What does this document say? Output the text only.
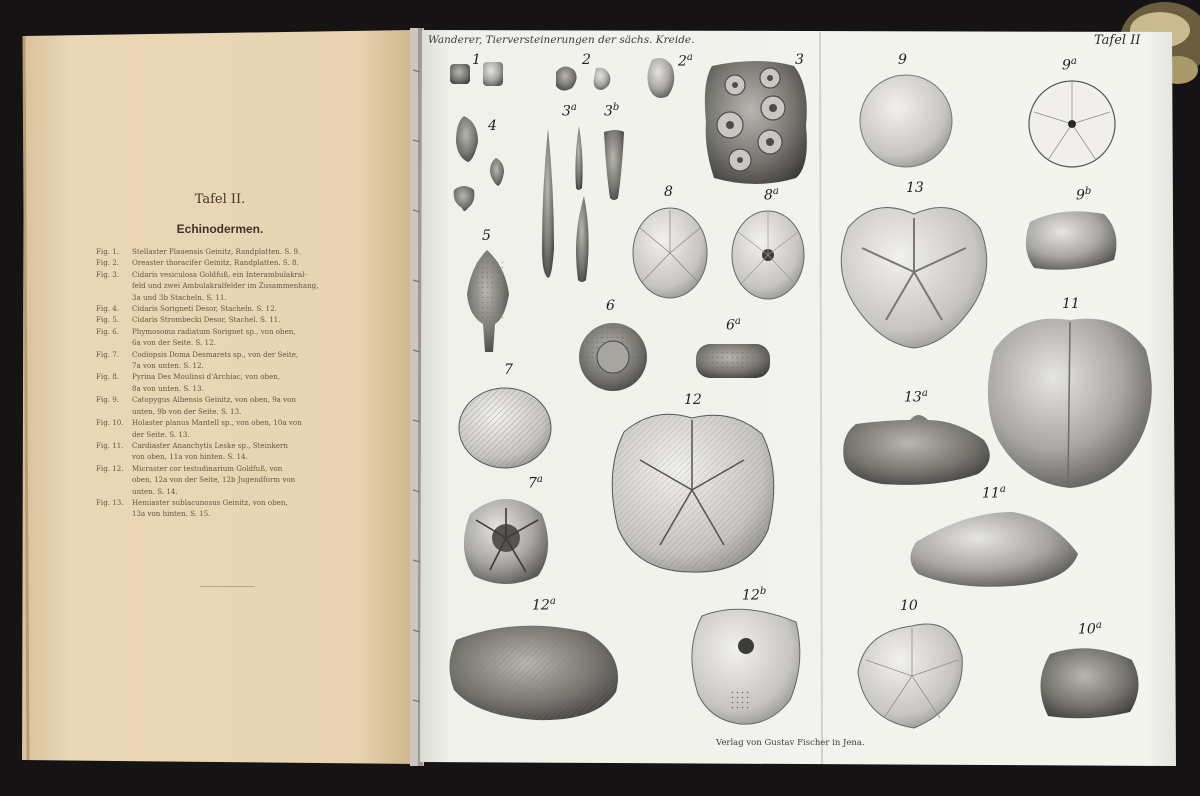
Tafel II.
Echinodermen.
Fig. 1.	Stellaster Plauensis Geinitz, Randplatten. S. 9.
Fig. 2.	Oreaster thoracifer Geinitz, Randplatten. S. 8.
Fig. 3.	Cidaris vesiculosa Goldfuß, ein Interambulakral-
feld und zwei Ambulakralfelder im Zusammenhang,
3a und 3b Stacheln. S. 11.
Fig. 4.	Cidaris Sorigneti Desor, Stacheln. S. 12.
Fig. 5.	Cidaris Strombecki Desor, Stachel. S. 11.
Fig. 6.	Phymosoma radiatum Sorignet sp., von oben,
6a von der Seite. S. 12.
Fig. 7.	Codiopsis Doma Desmarets sp., von der Seite,
7a von unten. S. 12.
Fig. 8.	Pyrina Des Moulinsi d'Archiac, von oben,
8a von unten. S. 13.
Fig. 9.	Catopygus Albensis Geinitz, von oben, 9a von
unten, 9b von der Seite. S. 13.
Fig. 10.	Holaster planus Mantell sp., von oben, 10a von
der Seite. S. 13.
Fig. 11.	Cardiaster Ananchytis Leske sp., Steinkern
von oben, 11a von hinten. S. 14.
Fig. 12.	Micraster cor testudinarium Goldfuß, von
oben, 12a von der Seite, 12b Jugendform von
unten. S. 14.
Fig. 13.	Hemiaster sublacunosus Geinitz, von oben,
13a von hinten. S. 15.
Wanderer, Tierversteinerungen der sächs. Kreide.	Tafel II
Verlag von Gustav Fischer in Jena.
1	2	2$^a$	3
3$^a$ 3$^b$
4
5
6
6$^a$
7
7$^a$
8	8$^a$
9	9$^a$
9$^b$
10
10$^a$
11
11$^a$
12
12$^a$	12$^b$
13
13$^a$
